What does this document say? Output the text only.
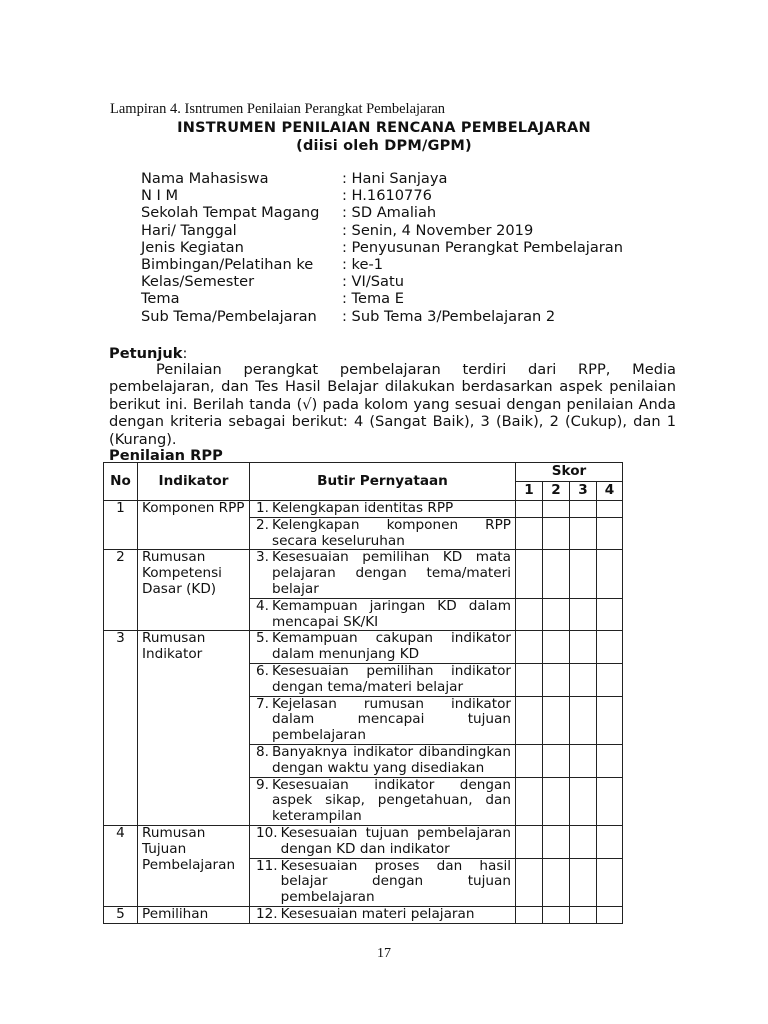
Lampiran 4. Isntrumen Penilaian Perangkat Pembelajaran
INSTRUMEN PENILAIAN RENCANA PEMBELAJARAN
(diisi oleh DPM/GPM)
Nama Mahasiswa	: Hani Sanjaya
N I M	: H.1610776
Sekolah Tempat Magang	: SD Amaliah
Hari/ Tanggal	: Senin, 4 November 2019
Jenis Kegiatan	: Penyusunan Perangkat Pembelajaran
Bimbingan/Pelatihan ke	: ke-1
Kelas/Semester	: VI/Satu
Tema	: Tema E
Sub Tema/Pembelajaran	: Sub Tema 3/Pembelajaran 2
Petunjuk:

Penilaian perangkat pembelajaran terdiri dari RPP, Media pembelajaran, dan Tes Hasil Belajar dilakukan berdasarkan aspek penilaian berikut ini. Berilah tanda (√) pada kolom yang sesuai dengan penilaian Anda dengan kriteria sebagai berikut: 4 (Sangat Baik), 3 (Baik), 2 (Cukup), dan 1 (Kurang).

Penilaian RPP
No	Indikator	Butir Pernyataan	Skor			
			1	2	3	4
1	Komponen RPP	1. Kelengkapan identitas RPP				

		2. Kelengkapan komponen RPP secara keseluruhan				

2	Rumusan Kompetensi Dasar (KD)	3. Kesesuaian pemilihan KD mata pelajaran dengan tema/materi belajar				

		4. Kemampuan jaringan KD dalam mencapai SK/KI				

3	Rumusan Indikator	5. Kemampuan cakupan indikator dalam menunjang KD				

		6. Kesesuaian pemilihan indikator dengan tema/materi belajar				

		7. Kejelasan rumusan indikator dalam mencapai tujuan pembelajaran				

		8. Banyaknya indikator dibandingkan dengan waktu yang disediakan				

		9. Kesesuaian indikator dengan aspek sikap, pengetahuan, dan keterampilan				

4	Rumusan Tujuan Pembelajaran	10. Kesesuaian tujuan pembelajaran dengan KD dan indikator				

		11. Kesesuaian proses dan hasil belajar dengan tujuan pembelajaran				

5	Pemilihan	12. Kesesuaian materi pelajaran				

17
